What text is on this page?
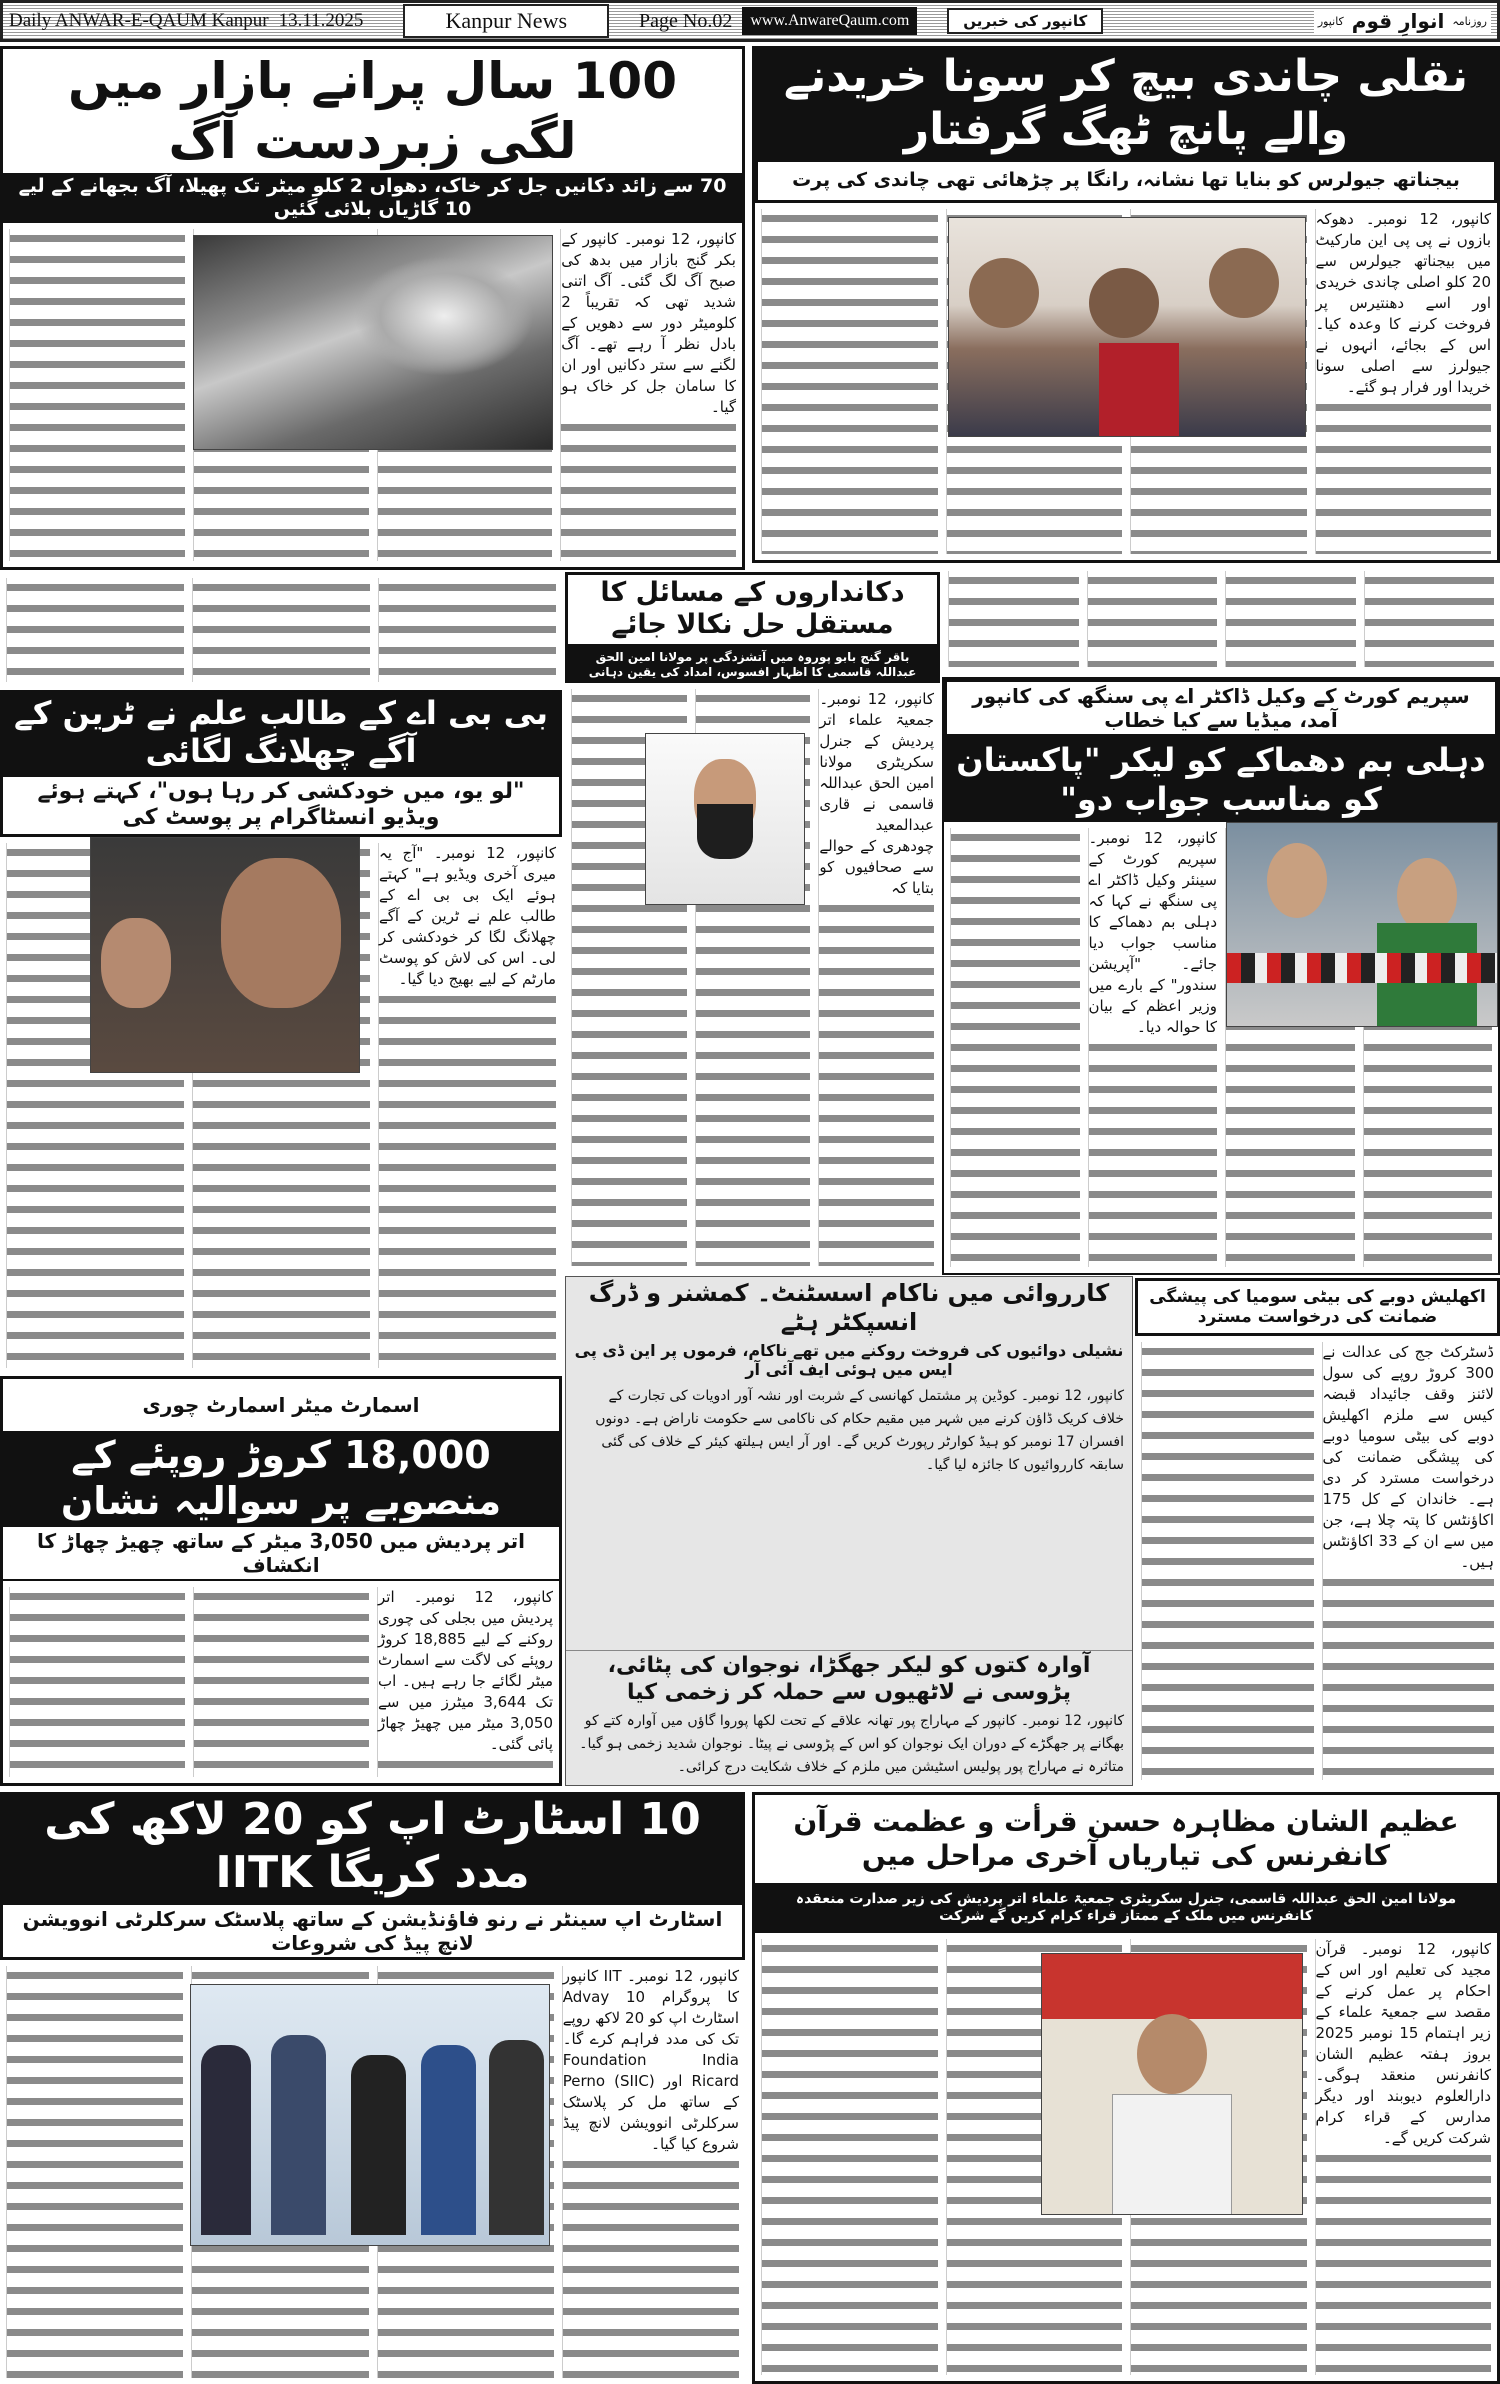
Daily ANWAR-E-QAUM Kanpur 13.11.2025	Kanpur News	Page No.02	www.AnwareQaum.com	کانپور کی خبریں	روزنامہ
انوارِ قوم
کانپور
100 سال پرانے بازار میں لگی زبردست آگ
70 سے زائد دکانیں جل کر خاک، دھواں 2 کلو میٹر تک پھیلا، آگ بجھانے کے لیے 10 گاڑیاں بلائی گئیں

کانپور، 12 نومبر۔ کانپور کے بکر گنج بازار میں بدھ کی صبح آگ لگ گئی۔ آگ اتنی شدید تھی کہ تقریباً 2 کلومیٹر دور سے دھویں کے بادل نظر آ رہے تھے۔ آگ لگنے سے ستر دکانیں اور ان کا سامان جل کر خاک ہو گیا۔

نقلی چاندی بیچ کر سونا خریدنے والے پانچ ٹھگ گرفتار
بیجناتھ جیولرس کو بنایا تھا نشانہ، رانگا پر چڑھائی تھی چاندی کی پرت

کانپور، 12 نومبر۔ دھوکہ بازوں نے پی پی این مارکیٹ میں بیجناتھ جیولرس سے 20 کلو اصلی چاندی خریدی اور اسے دھنتیرس پر فروخت کرنے کا وعدہ کیا۔ اس کے بجائے، انہوں نے جیولرز سے اصلی سونا خریدا اور فرار ہو گئے۔

دکانداروں کے مسائل کا مستقل حل نکالا جائے
باقر گنج بابو پوروہ میں آتشزدگی پر مولانا امین الحق عبداللہ قاسمی کا اظہار افسوس، امداد کی یقین دہانی

کانپور، 12 نومبر۔ جمعیۃ علماء اتر پردیش کے جنرل سکریٹری مولانا امین الحق عبداللہ قاسمی نے قاری عبدالمعید چودھری کے حوالے سے صحافیوں کو بتایا کہ

سپریم کورٹ کے وکیل ڈاکٹر اے پی سنگھ کی کانپور آمد، میڈیا سے کیا خطاب
دہلی بم دھماکے کو لیکر "پاکستان کو مناسب جواب دو"

کانپور، 12 نومبر۔ سپریم کورٹ کے سینئر وکیل ڈاکٹر اے پی سنگھ نے کہا کہ دہلی بم دھماکے کا مناسب جواب دیا جائے۔ "آپریشن سندور" کے بارے میں وزیر اعظم کے بیان کا حوالہ دیا۔

بی بی اے کے طالب علم نے ٹرین کے آگے چھلانگ لگائی
"لو یو، میں خودکشی کر رہا ہوں"، کہتے ہوئے ویڈیو انسٹاگرام پر پوسٹ کی

کانپور، 12 نومبر۔ "آج یہ میری آخری ویڈیو ہے" کہتے ہوئے ایک بی بی اے کے طالب علم نے ٹرین کے آگے چھلانگ لگا کر خودکشی کر لی۔ اس کی لاش کو پوسٹ مارٹم کے لیے بھیج دیا گیا۔

اسمارٹ میٹر اسمارٹ چوری
18,000 کروڑ روپئے کے منصوبے پر سوالیہ نشان
اتر پردیش میں 3,050 میٹر کے ساتھ چھیڑ چھاڑ کا انکشاف

کانپور، 12 نومبر۔ اتر پردیش میں بجلی کی چوری روکنے کے لیے 18,885 کروڑ روپئے کی لاگت سے اسمارٹ میٹر لگائے جا رہے ہیں۔ اب تک 3,644 میٹرز میں سے 3,050 میٹر میں چھیڑ چھاڑ پائی گئی۔

کارروائی میں ناکام اسسٹنٹ۔ کمشنر و ڈرگ انسپکٹر ہٹے
نشیلی دوائیوں کی فروخت روکنے میں تھے ناکام، فرموں پر این ڈی پی ایس میں ہوئی ایف آئی آر

کانپور، 12 نومبر۔ کوڈین پر مشتمل کھانسی کے شربت اور نشہ آور ادویات کی تجارت کے خلاف کریک ڈاؤن کرنے میں شہر میں مقیم حکام کی ناکامی سے حکومت ناراض ہے۔ دونوں افسران 17 نومبر کو ہیڈ کوارٹر رپورٹ کریں گے۔ اور آر ایس ہیلتھ کیئر کے خلاف کی گئی سابقہ کارروائیوں کا جائزہ لیا گیا۔

آوارہ کتوں کو لیکر جھگڑا، نوجوان کی پٹائی، پڑوسی نے لاٹھیوں سے حملہ کر زخمی کیا

کانپور، 12 نومبر۔ کانپور کے مہاراج پور تھانہ علاقے کے تحت لکھا پوروا گاؤں میں آوارہ کتے کو بھگانے پر جھگڑے کے دوران ایک نوجوان کو اس کے پڑوسی نے پیٹا۔ نوجوان شدید زخمی ہو گیا۔ متاثرہ نے مہاراج پور پولیس اسٹیشن میں ملزم کے خلاف شکایت درج کرائی۔

اکھلیش دوبے کی بیٹی سومیا کی پیشگی ضمانت کی درخواست مسترد

ڈسٹرکٹ جج کی عدالت نے 300 کروڑ روپے کی سول لائنز وقف جائیداد قبضہ کیس سے ملزم اکھلیش دوبے کی بیٹی سومیا دوبے کی پیشگی ضمانت کی درخواست مسترد کر دی ہے۔ خاندان کے کل 175 اکاؤنٹس کا پتہ چلا ہے، جن میں سے ان کے 33 اکاؤنٹس ہیں۔

10 اسٹارٹ اپ کو 20 لاکھ کی مدد کریگا IITK
اسٹارٹ اپ سینٹر نے رنو فاؤنڈیشن کے ساتھ پلاسٹک سرکلرٹی انوویشن لانچ پیڈ کی شروعات

کانپور، 12 نومبر۔ IIT کانپور کا پروگرام Advay 10 اسٹارٹ اپ کو 20 لاکھ روپے تک کی مدد فراہم کرے گا۔ Foundation India Ricard اور (SIIC) Perno کے ساتھ مل کر پلاسٹک سرکلرٹی انوویشن لانچ پیڈ شروع کیا گیا۔

عظیم الشان مظاہرہ حسن قرأت و عظمت قرآن کانفرنس کی تیاریاں آخری مراحل میں
مولانا امین الحق عبداللہ قاسمی، جنرل سکریٹری جمعیۃ علماء اتر پردیش کی زیر صدارت منعقدہ کانفرنس میں ملک کے ممتاز قراء کرام کریں گے شرکت

کانپور، 12 نومبر۔ قرآن مجید کی تعلیم اور اس کے احکام پر عمل کرنے کے مقصد سے جمعیۃ علماء کے زیر اہتمام 15 نومبر 2025 بروز ہفتہ عظیم الشان کانفرنس منعقد ہوگی۔ دارالعلوم دیوبند اور دیگر مدارس کے قراء کرام شرکت کریں گے۔
